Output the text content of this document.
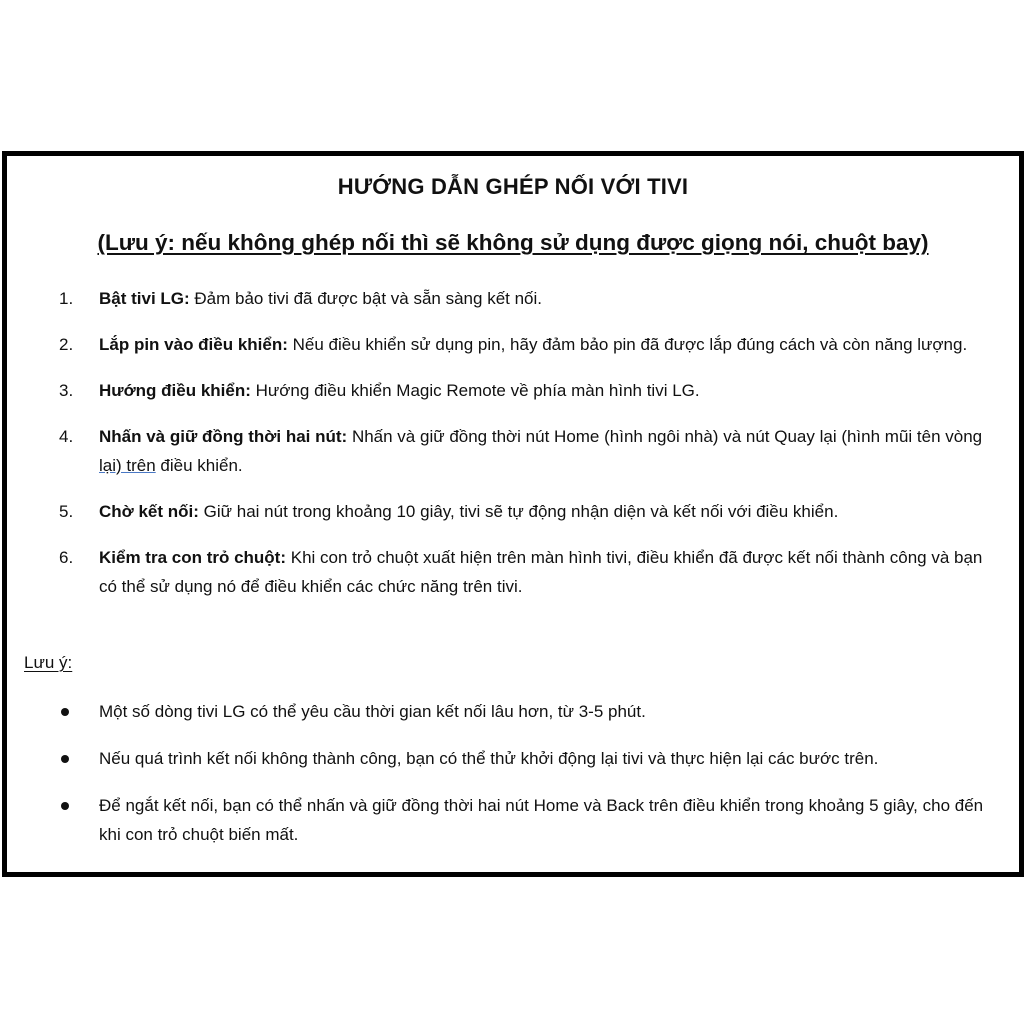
HƯỚNG DẪN GHÉP NỐI VỚI TIVI
(Lưu ý: nếu không ghép nối thì sẽ không sử dụng được giọng nói, chuột bay)
1. Bật tivi LG: Đảm bảo tivi đã được bật và sẵn sàng kết nối.
2. Lắp pin vào điều khiển: Nếu điều khiển sử dụng pin, hãy đảm bảo pin đã được lắp đúng cách và còn năng lượng.
3. Hướng điều khiển: Hướng điều khiển Magic Remote về phía màn hình tivi LG.
4. Nhấn và giữ đồng thời hai nút: Nhấn và giữ đồng thời nút Home (hình ngôi nhà) và nút Quay lại (hình mũi tên vòng lại) trên điều khiển.
5. Chờ kết nối: Giữ hai nút trong khoảng 10 giây, tivi sẽ tự động nhận diện và kết nối với điều khiển.
6. Kiểm tra con trỏ chuột: Khi con trỏ chuột xuất hiện trên màn hình tivi, điều khiển đã được kết nối thành công và bạn có thể sử dụng nó để điều khiển các chức năng trên tivi.
Lưu ý:
Một số dòng tivi LG có thể yêu cầu thời gian kết nối lâu hơn, từ 3-5 phút.
Nếu quá trình kết nối không thành công, bạn có thể thử khởi động lại tivi và thực hiện lại các bước trên.
Để ngắt kết nối, bạn có thể nhấn và giữ đồng thời hai nút Home và Back trên điều khiển trong khoảng 5 giây, cho đến khi con trỏ chuột biến mất.
